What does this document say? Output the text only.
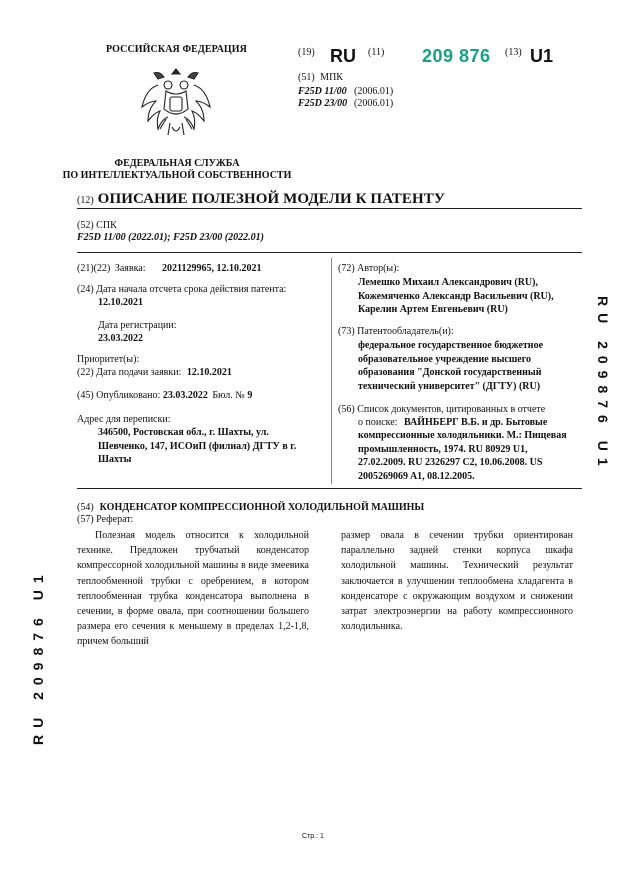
РОССИЙСКАЯ ФЕДЕРАЦИЯ
ФЕДЕРАЛЬНАЯ СЛУЖБА
ПО ИНТЕЛЛЕКТУАЛЬНОЙ СОБСТВЕННОСТИ
(19) RU (11) 209 876 (13) U1
(51) МПК
F25D 11/00 (2006.01)
F25D 23/00 (2006.01)
(12) ОПИСАНИЕ ПОЛЕЗНОЙ МОДЕЛИ К ПАТЕНТУ
(52) СПК
F25D 11/00 (2022.01); F25D 23/00 (2022.01)
(21)(22) Заявка: 2021129965, 12.10.2021
(24) Дата начала отсчета срока действия патента:
12.10.2021
Дата регистрации:
23.03.2022
Приоритет(ы):
(22) Дата подачи заявки: 12.10.2021
(45) Опубликовано: 23.03.2022 Бюл. № 9
Адрес для переписки:
346500, Ростовская обл., г. Шахты, ул.
Шевченко, 147, ИСОиП (филиал) ДГТУ в г.
Шахты
(72) Автор(ы):
Лемешко Михаил Александрович (RU),
Кожемяченко Александр Васильевич (RU),
Карелин Артем Евгеньевич (RU)
(73) Патентообладатель(и):
федеральное государственное бюджетное
образовательное учреждение высшего
образования "Донской государственный
технический университет" (ДГТУ) (RU)
(56) Список документов, цитированных в отчете
о поиске: ВАЙНБЕРГ В.Б. и др. Бытовые
компрессионные холодильники. М.: Пищевая
промышленность, 1974. RU 80929 U1,
27.02.2009. RU 2326297 C2, 10.06.2008. US
2005269069 A1, 08.12.2005.
(54) КОНДЕНСАТОР КОМПРЕССИОННОЙ ХОЛОДИЛЬНОЙ МАШИНЫ
(57) Реферат:

Полезная модель относится к холодильной технике. Предложен трубчатый конденсатор компрессорной холодильной машины в виде змеевика теплообменной трубки с оребрением, в котором теплообменная трубка конденсатора выполнена в сечении, в форме овала, при соотношении большего размера его сечения к меньшему в пределах 1,2-1,8, причем больший

размер овала в сечении трубки ориентирован параллельно задней стенки корпуса шкафа холодильной машины. Технический результат заключается в улучшении теплообмена хладагента в конденсаторе с окружающим воздухом и снижении затрат электроэнергии на работу компрессионного холодильника.

RU 209876 U1
RU 209876 U1
Стр.: 1
